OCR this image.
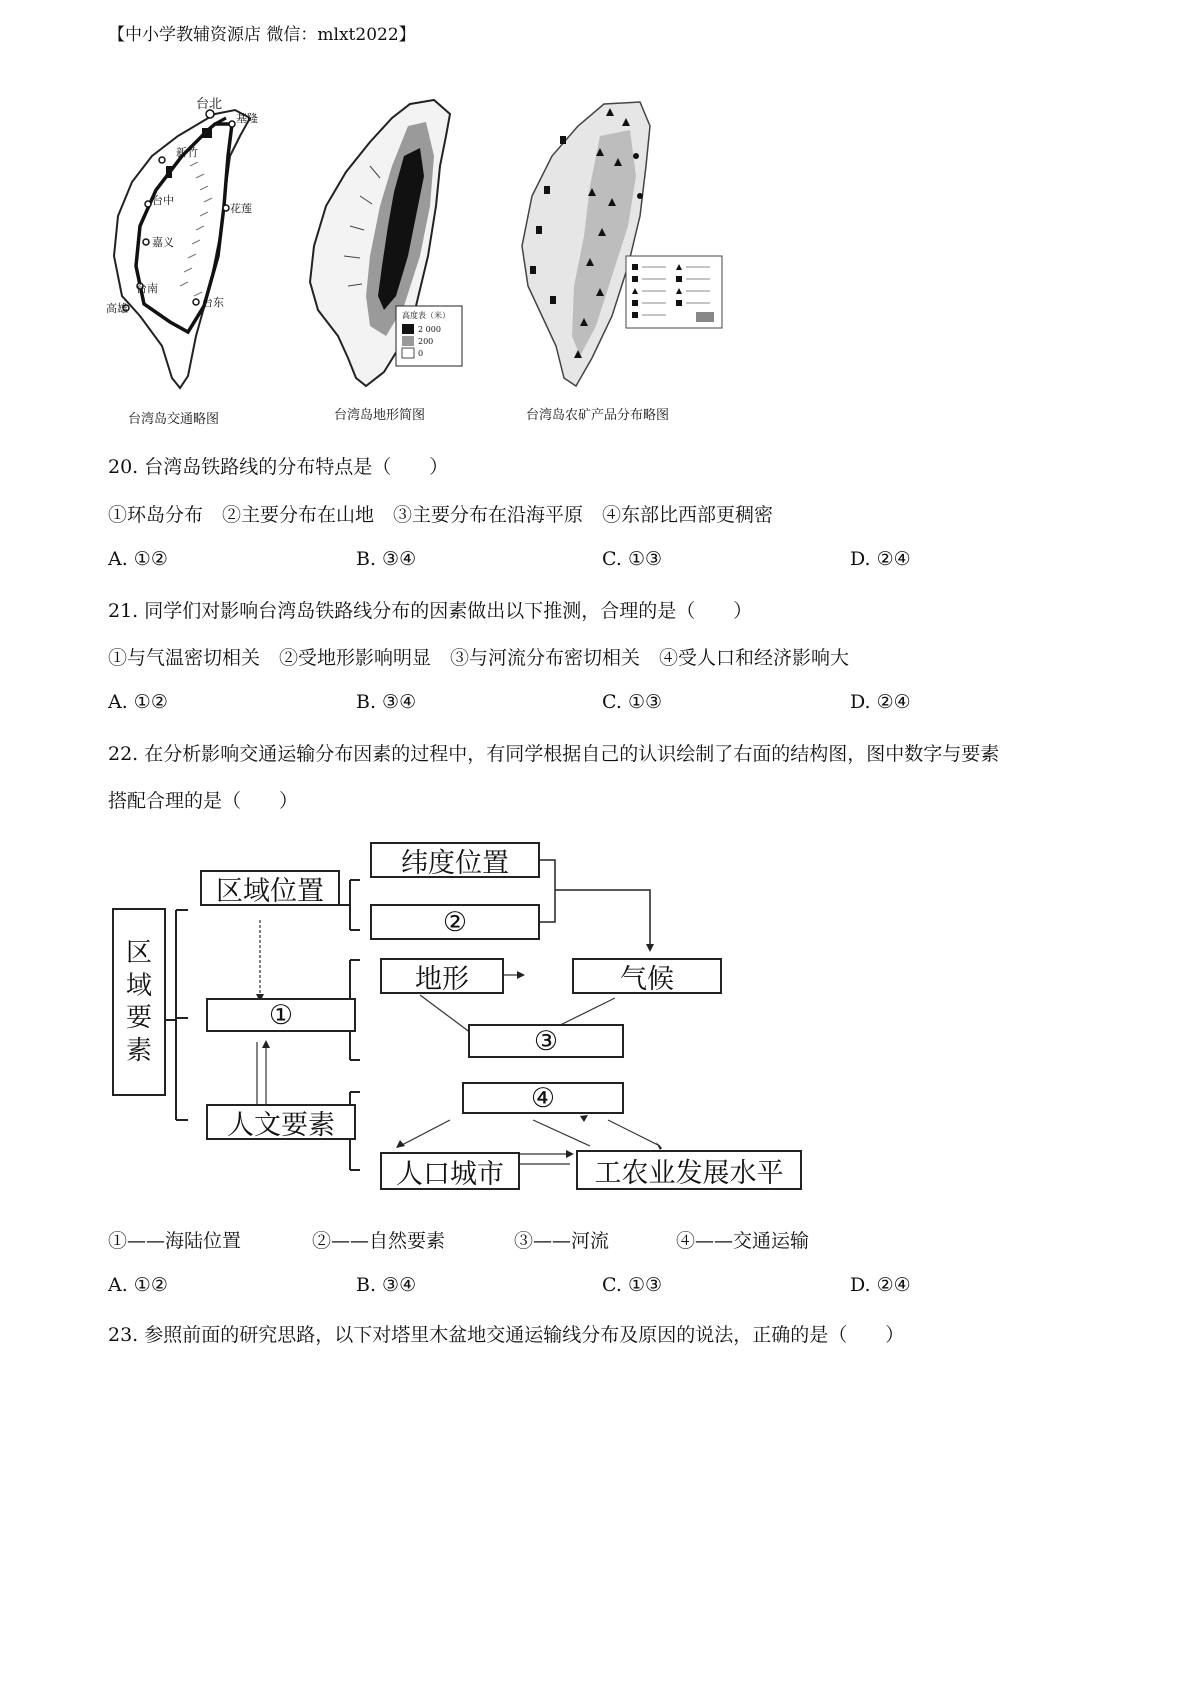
【中小学教辅资源店 微信：mlxt2022】
台北
基隆
新竹
台中
花莲
嘉义
台南
高雄	台东
台湾岛交通略图
高度表（米）
2 000
200
0
台湾岛地形简图	台湾岛农矿产品分布略图
20. 台湾岛铁路线的分布特点是（　　）
①环岛分布　②主要分布在山地　③主要分布在沿海平原　④东部比西部更稠密
A. ①②	B. ③④	C. ①③	D. ②④
21. 同学们对影响台湾岛铁路线分布的因素做出以下推测，合理的是（　　）
①与气温密切相关　②受地形影响明显　③与河流分布密切相关　④受人口和经济影响大
A. ①②	B. ③④	C. ①③	D. ②④
22. 在分析影响交通运输分布因素的过程中，有同学根据自己的认识绘制了右面的结构图，图中数字与要素
搭配合理的是（　　）
区
域
要
素
区域位置
纬度位置
②
①
地形	气候
③
④
人文要素
人口城市	工农业发展水平
①——海陆位置	②——自然要素	③——河流	④——交通运输
A. ①②	B. ③④	C. ①③	D. ②④
23. 参照前面的研究思路，以下对塔里木盆地交通运输线分布及原因的说法，正确的是（　　）
